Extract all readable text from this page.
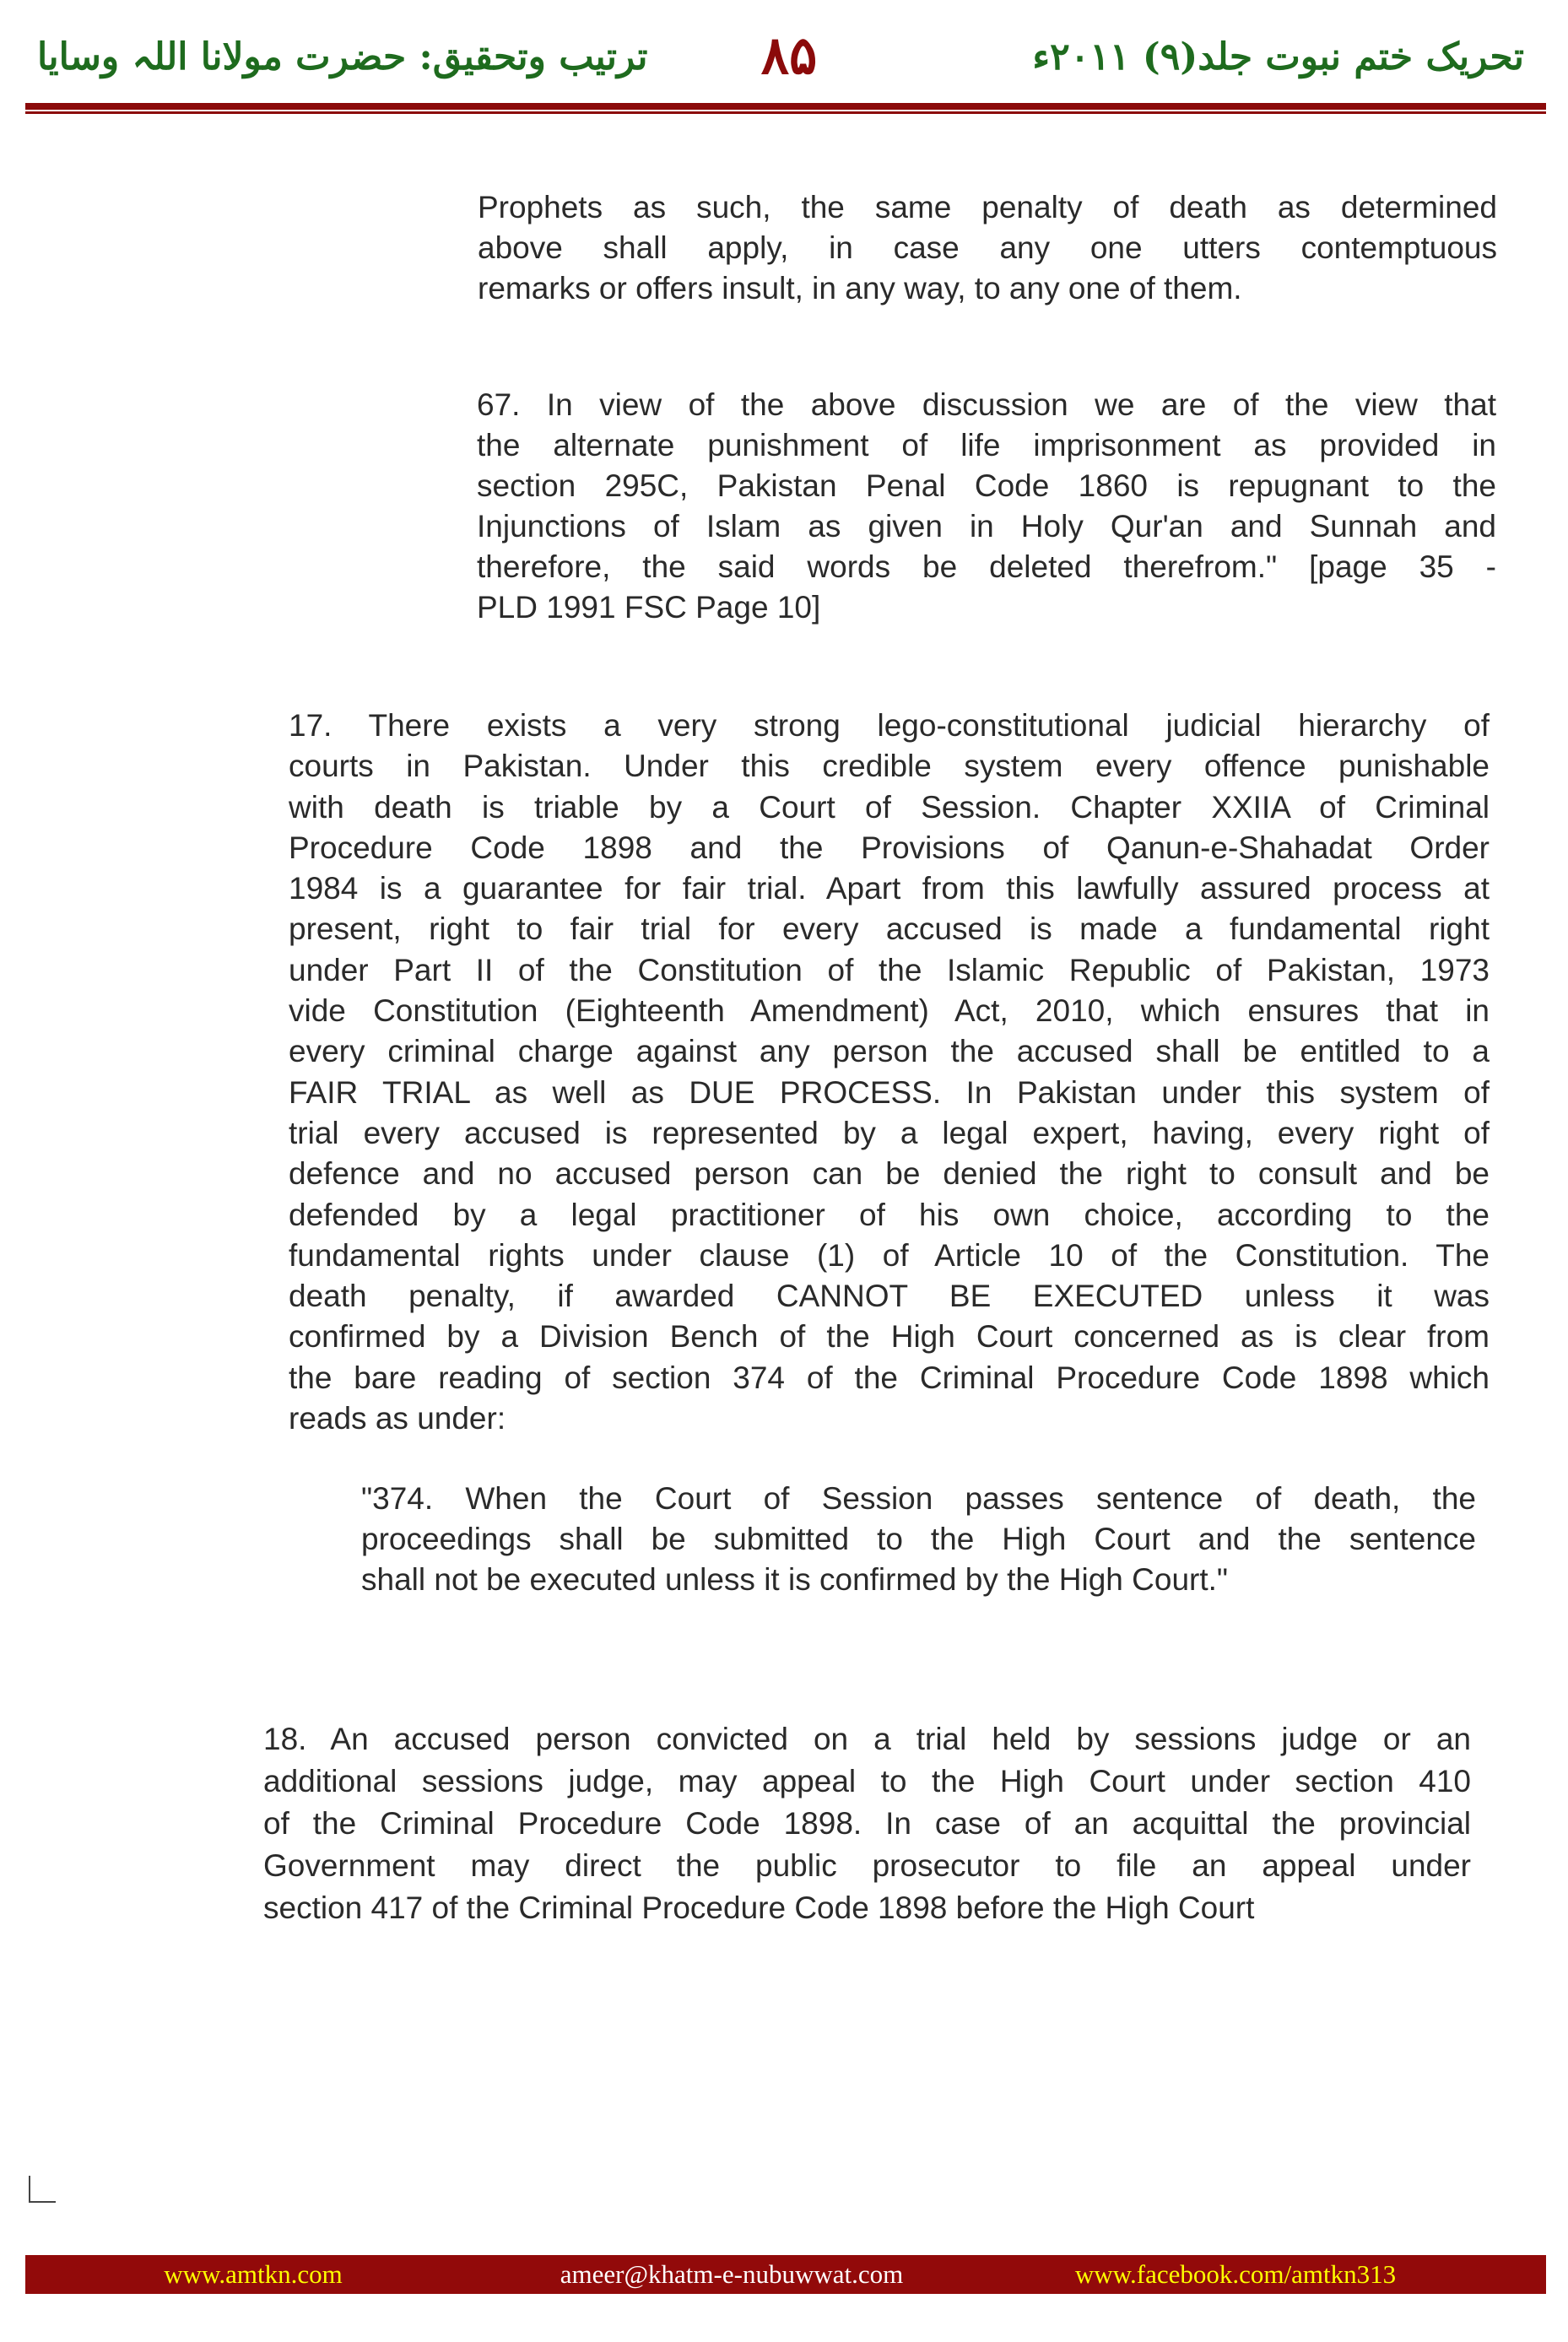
تحریک ختم نبوت جلد(۹) ۲۰۱۱ء
۸۵
ترتیب وتحقیق: حضرت مولانا اللہ وسایا
Prophets as such, the same penalty of death as determined
above shall apply, in case any one utters contemptuous
remarks or offers insult, in any way, to any one of them.
67. In view of the above discussion we are of the view that
the alternate punishment of life imprisonment as provided in
section 295C, Pakistan Penal Code 1860 is repugnant to the
Injunctions of Islam as given in Holy Qur'an and Sunnah and
therefore, the said words be deleted therefrom." [page 35 -
PLD 1991 FSC Page 10]
17. There exists a very strong lego-constitutional judicial hierarchy of
courts in Pakistan. Under this credible system every offence punishable
with death is triable by a Court of Session. Chapter XXIIA of Criminal
Procedure Code 1898 and the Provisions of Qanun-e-Shahadat Order
1984 is a guarantee for fair trial. Apart from this lawfully assured process at
present, right to fair trial for every accused is made a fundamental right
under Part II of the Constitution of the Islamic Republic of Pakistan, 1973
vide Constitution (Eighteenth Amendment) Act, 2010, which ensures that in
every criminal charge against any person the accused shall be entitled to a
FAIR TRIAL as well as DUE PROCESS. In Pakistan under this system of
trial every accused is represented by a legal expert, having, every right of
defence and no accused person can be denied the right to consult and be
defended by a legal practitioner of his own choice, according to the
fundamental rights under clause (1) of Article 10 of the Constitution. The
death penalty, if awarded CANNOT BE EXECUTED unless it was
confirmed by a Division Bench of the High Court concerned as is clear from
the bare reading of section 374 of the Criminal Procedure Code 1898 which
reads as under:
"374. When the Court of Session passes sentence of death, the
proceedings shall be submitted to the High Court and the sentence
shall not be executed unless it is confirmed by the High Court."
18. An accused person convicted on a trial held by sessions judge or an
additional sessions judge, may appeal to the High Court under section 410
of the Criminal Procedure Code 1898. In case of an acquittal the provincial
Government may direct the public prosecutor to file an appeal under
section 417 of the Criminal Procedure Code 1898 before the High Court
www.amtkn.com	ameer@khatm-e-nubuwwat.com	www.facebook.com/amtkn313
